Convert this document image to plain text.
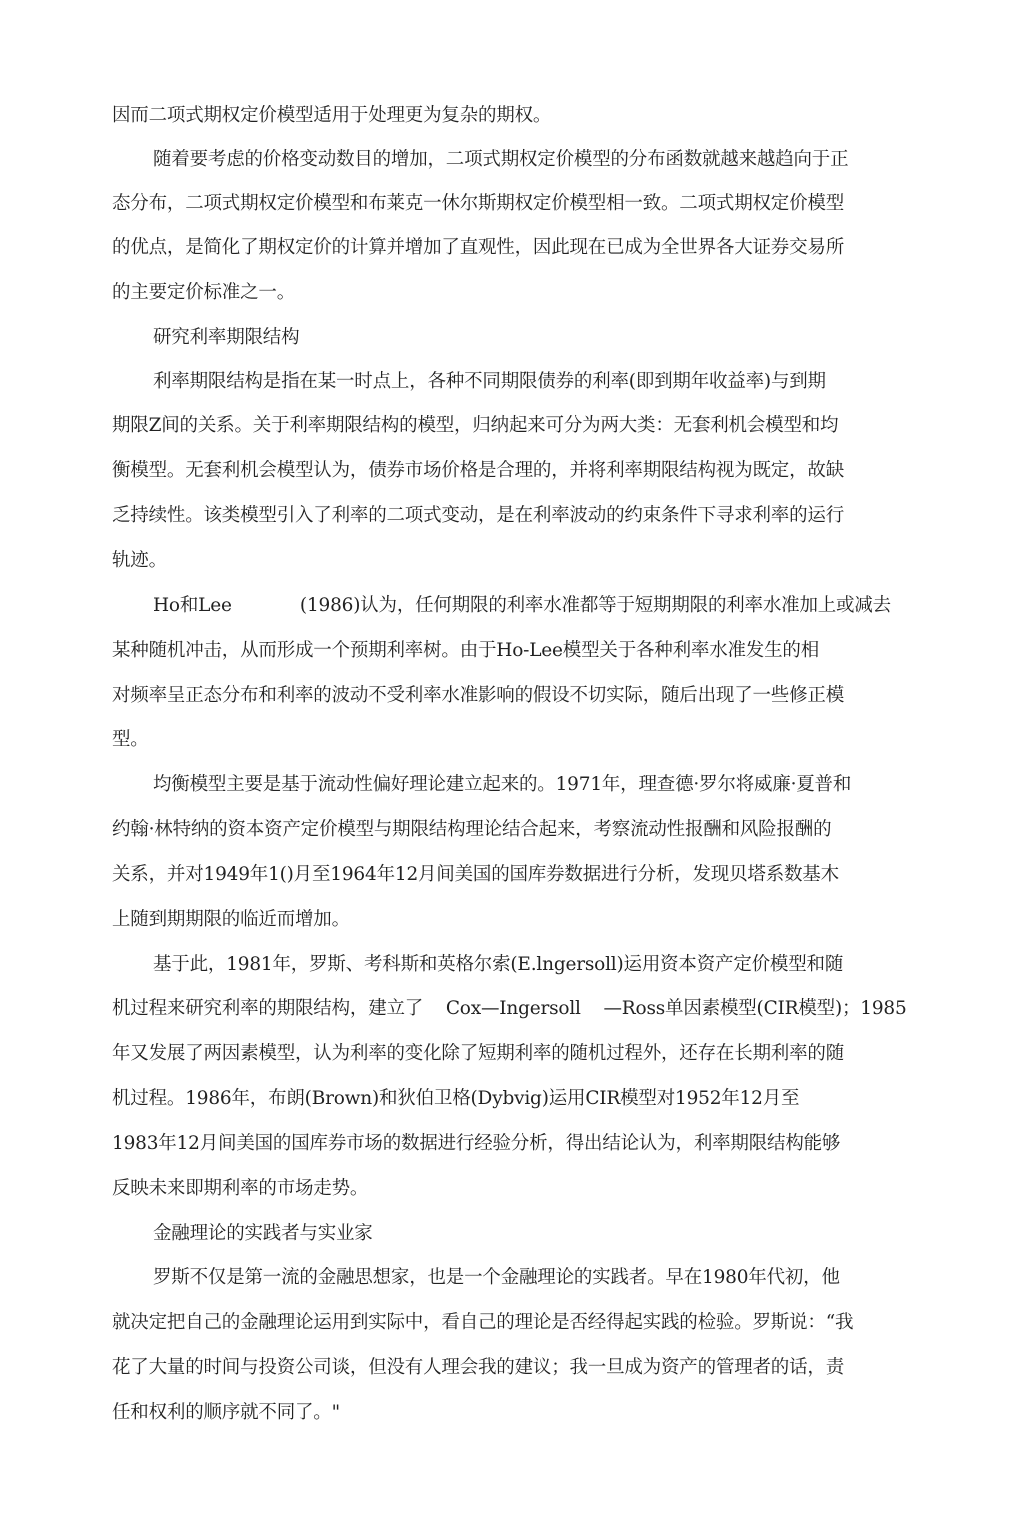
因而二项式期权定价模型适用于处理更为复杂的期权。
随着要考虑的价格变动数目的增加，二项式期权定价模型的分布函数就越来越趋向于正
态分布，二项式期权定价模型和布莱克一休尔斯期权定价模型相一致。二项式期权定价模型
的优点，是简化了期权定价的计算并增加了直观性，因此现在已成为全世界各大证券交易所
的主要定价标准之一。
研究利率期限结构
利率期限结构是指在某一时点上，各种不同期限债券的利率(即到期年收益率)与到期
期限Z间的关系。关于利率期限结构的模型，归纳起来可分为两大类：无套利机会模型和均
衡模型。无套利机会模型认为，债券市场价格是合理的，并将利率期限结构视为既定，故缺
乏持续性。该类模型引入了利率的二项式变动，是在利率波动的约束条件下寻求利率的运行
轨迹。
Ho和Lee            (1986)认为，任何期限的利率水准都等于短期期限的利率水准加上或减去
某种随机冲击，从而形成一个预期利率树。由于Ho-Lee模型关于各种利率水准发生的相
对频率呈正态分布和利率的波动不受利率水准影响的假设不切实际，随后出现了一些修正模
型。
均衡模型主要是基于流动性偏好理论建立起来的。1971年，理查德·罗尔将威廉·夏普和
约翰·林特纳的资本资产定价模型与期限结构理论结合起来，考察流动性报酬和风险报酬的
关系，并对1949年1()月至1964年12月间美国的国库券数据进行分析，发现贝塔系数基木
上随到期期限的临近而增加。
基于此，1981年，罗斯、考科斯和英格尔索(E.lngersoll)运用资本资产定价模型和随
机过程来研究利率的期限结构，建立了    Cox—Ingersoll    —Ross单因素模型(CIR模型)；1985
年又发展了两因素模型，认为利率的变化除了短期利率的随机过程外，还存在长期利率的随
机过程。1986年，布朗(Brown)和狄伯卫格(Dybvig)运用CIR模型对1952年12月至
1983年12月间美国的国库券市场的数据进行经验分析，得出结论认为，利率期限结构能够
反映未来即期利率的市场走势。
金融理论的实践者与实业家
罗斯不仅是第一流的金融思想家，也是一个金融理论的实践者。早在1980年代初，他
就决定把自己的金融理论运用到实际中，看自己的理论是否经得起实践的检验。罗斯说：“我
花了大量的时间与投资公司谈，但没有人理会我的建议；我一旦成为资产的管理者的话，责
任和权利的顺序就不同了。"
